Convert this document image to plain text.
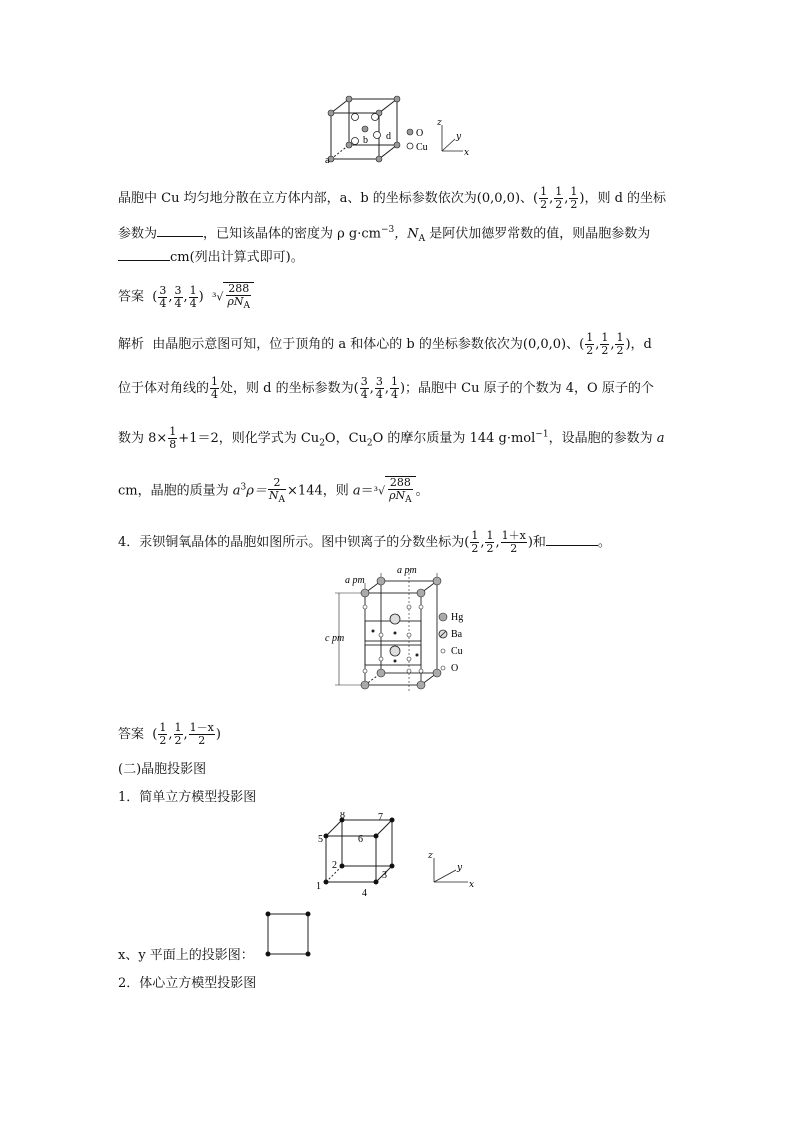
a
b d	O
Cu
z
y
x
晶胞中 Cu 均匀地分散在立方体内部，a、b 的坐标参数依次为(0,0,0)、( $\frac{1}{2}$ , $\frac{1}{2}$ , $\frac{1}{2}$ )，则 d 的坐标
参数为	，已知该晶体的密度为 ρ $g\cdot cm^{-3}$，$N_A$ 是阿伏加德罗常数的值，则晶胞参数为
cm(列出计算式即可)。
答案  ( $\frac{3}{4}$ , $\frac{3}{4}$ , $\frac{1}{4}$ )  $^3√ \frac{288}{\rho N_A}$
解析 由晶胞示意图可知，位于顶角的 a 和体心的 b 的坐标参数依次为(0,0,0)、( $\frac{1}{2}$ , $\frac{1}{2}$ , $\frac{1}{2}$ )，d
位于体对角线的 $\frac{1}{4}$ 处，则 d 的坐标参数为( $\frac{3}{4}$ , $\frac{3}{4}$ , $\frac{1}{4}$ )；晶胞中 Cu 原子的个数为 4，O 原子的个
数为 $8\times \frac{1}{8} +1=2$，则化学式为 $Cu_2O$，$Cu_2O$ 的摩尔质量为 144 g·mol$^{-1}$，设晶胞的参数为 a
cm，晶胞的质量为 $a^3\rho= \frac{2}{N_A} \times 144$，则 $a=^3√ \frac{288}{\rho N_A}$ 。
4．汞钡铜氧晶体的晶胞如图所示。图中钡离子的分数坐标为( $\frac{1}{2}$ , $\frac{1}{2}$ , $\frac{1+x}{2}$ )和	。
a pm
a pm
c pm
Hg
Ba
Cu
O
答案  ( $\frac{1}{2}$ , $\frac{1}{2}$ , $\frac{1-x}{2}$ )
(二)晶胞投影图
1．简单立方模型投影图
1
2
3
4
5	6
7
8
z
y
x
x、y 平面上的投影图：
2．体心立方模型投影图
